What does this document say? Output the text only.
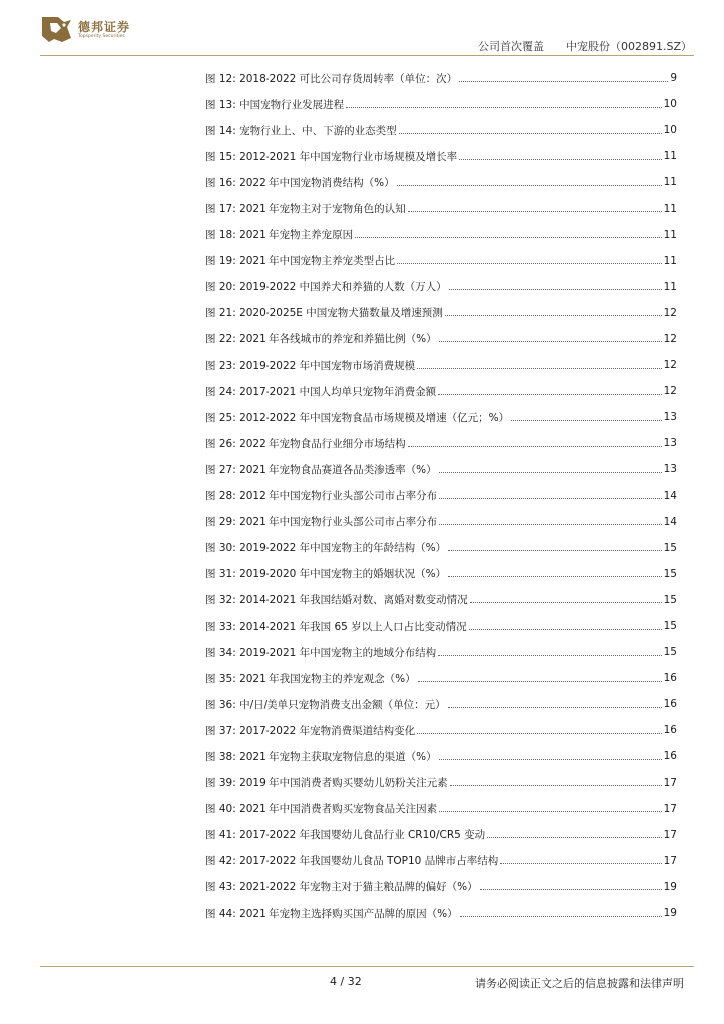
德邦证券
Topsperity Securities
公司首次覆盖　　中宠股份（002891.SZ）
图 12: 2018-2022 可比公司存货周转率（单位：次）	9
图 13: 中国宠物行业发展进程	10
图 14: 宠物行业上、中、下游的业态类型	10
图 15: 2012-2021 年中国宠物行业市场规模及增长率	11
图 16: 2022 年中国宠物消费结构（%）	11
图 17: 2021 年宠物主对于宠物角色的认知	11
图 18: 2021 年宠物主养宠原因	11
图 19: 2021 年中国宠物主养宠类型占比	11
图 20: 2019-2022 中国养犬和养猫的人数（万人）	11
图 21: 2020-2025E 中国宠物犬猫数量及增速预测	12
图 22: 2021 年各线城市的养宠和养猫比例（%）	12
图 23: 2019-2022 年中国宠物市场消费规模	12
图 24: 2017-2021 中国人均单只宠物年消费金额	12
图 25: 2012-2022 年中国宠物食品市场规模及增速（亿元；%）	13
图 26: 2022 年宠物食品行业细分市场结构	13
图 27: 2021 年宠物食品赛道各品类渗透率（%）	13
图 28: 2012 年中国宠物行业头部公司市占率分布	14
图 29: 2021 年中国宠物行业头部公司市占率分布	14
图 30: 2019-2022 年中国宠物主的年龄结构（%）	15
图 31: 2019-2020 年中国宠物主的婚姻状况（%）	15
图 32: 2014-2021 年我国结婚对数、离婚对数变动情况	15
图 33: 2014-2021 年我国 65 岁以上人口占比变动情况	15
图 34: 2019-2021 年中国宠物主的地域分布结构	15
图 35: 2021 年我国宠物主的养宠观念（%）	16
图 36: 中/日/美单只宠物消费支出金额（单位：元）	16
图 37: 2017-2022 年宠物消费渠道结构变化	16
图 38: 2021 年宠物主获取宠物信息的渠道（%）	16
图 39: 2019 年中国消费者购买婴幼儿奶粉关注元素	17
图 40: 2021 年中国消费者购买宠物食品关注因素	17
图 41: 2017-2022 年我国婴幼儿食品行业 CR10/CR5 变动	17
图 42: 2017-2022 年我国婴幼儿食品 TOP10 品牌市占率结构	17
图 43: 2021-2022 年宠物主对于猫主粮品牌的偏好（%）	19
图 44: 2021 年宠物主选择购买国产品牌的原因（%）	19
4 / 32	请务必阅读正文之后的信息披露和法律声明
